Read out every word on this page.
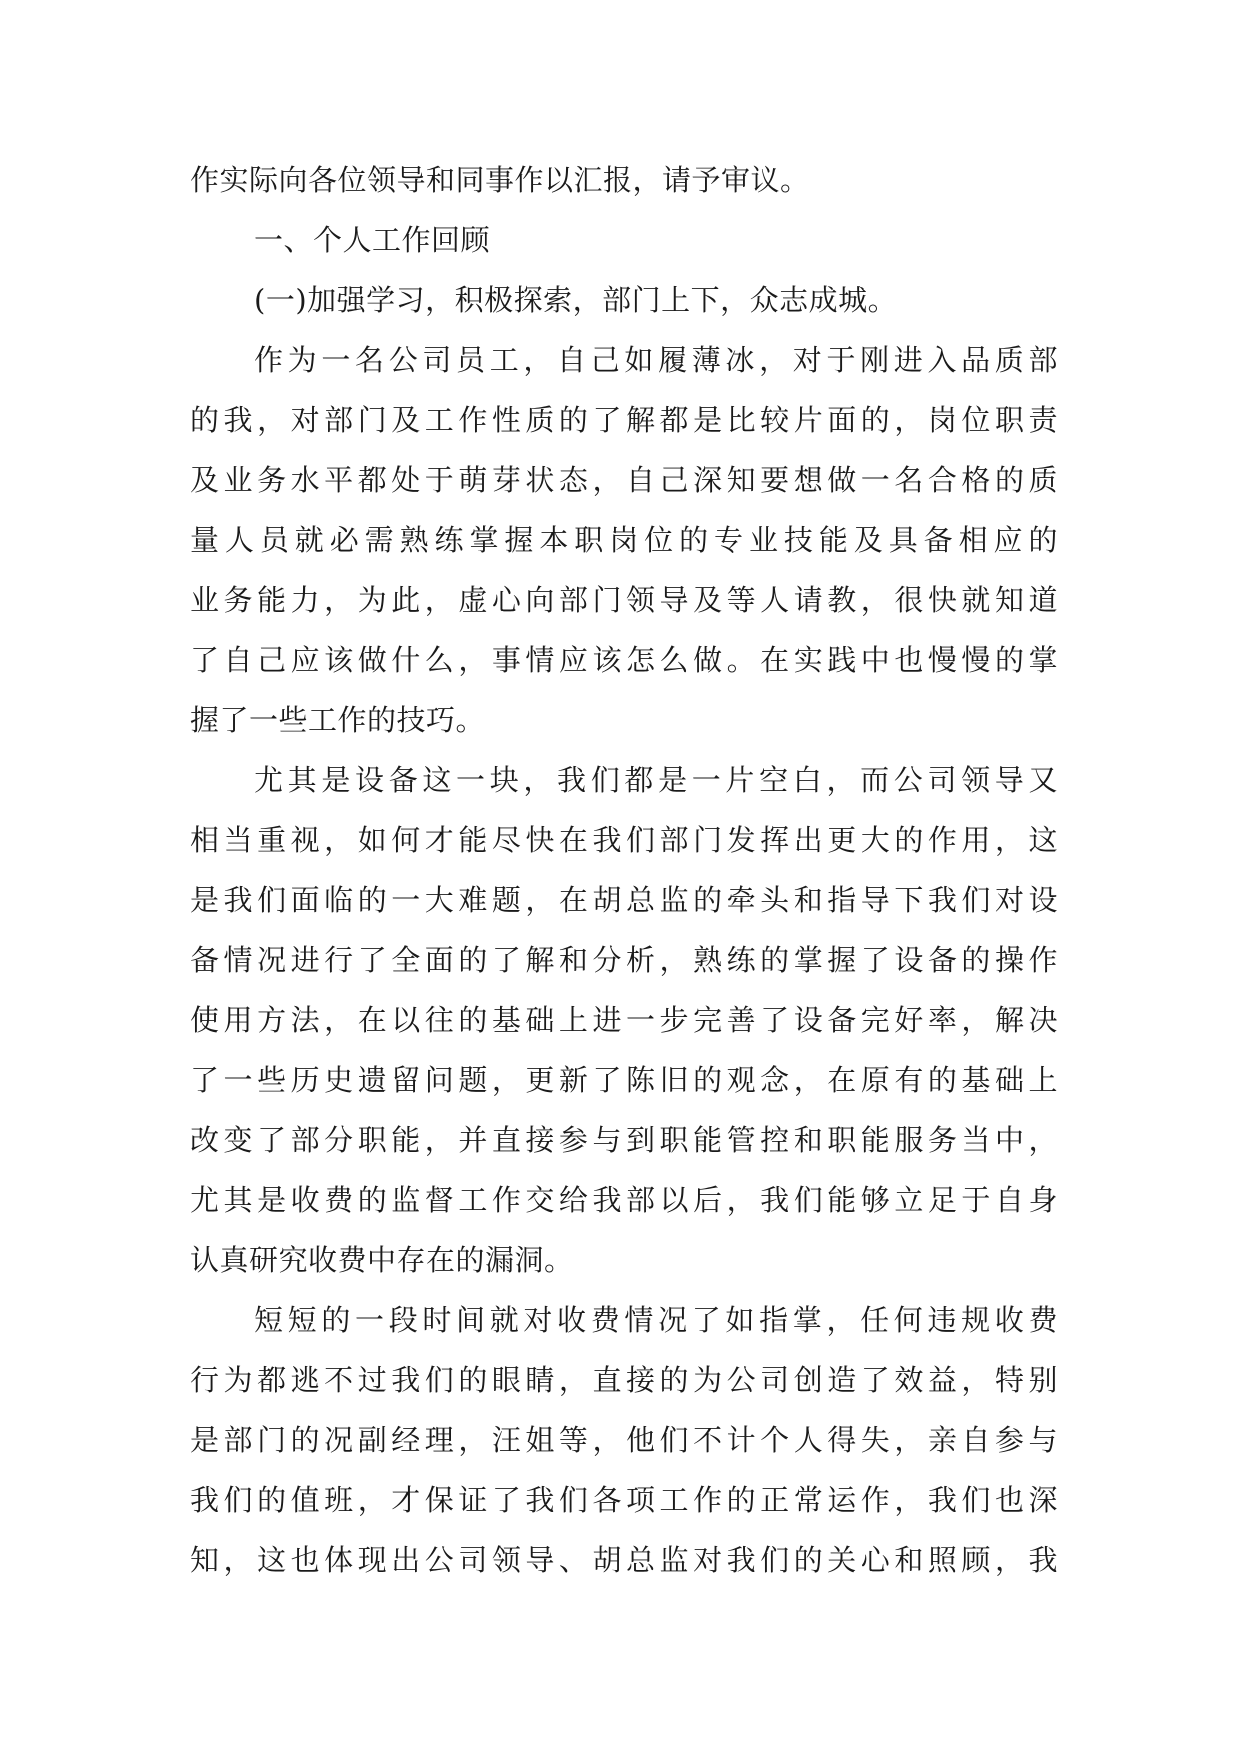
作实际向各位领导和同事作以汇报，请予审议。
一、个人工作回顾
(一)加强学习，积极探索，部门上下，众志成城。
作为一名公司员工，自己如履薄冰，对于刚进入品质部
的我，对部门及工作性质的了解都是比较片面的，岗位职责
及业务水平都处于萌芽状态，自己深知要想做一名合格的质
量人员就必需熟练掌握本职岗位的专业技能及具备相应的
业务能力，为此，虚心向部门领导及等人请教，很快就知道
了自己应该做什么，事情应该怎么做。在实践中也慢慢的掌
握了一些工作的技巧。
尤其是设备这一块，我们都是一片空白，而公司领导又
相当重视，如何才能尽快在我们部门发挥出更大的作用，这
是我们面临的一大难题，在胡总监的牵头和指导下我们对设
备情况进行了全面的了解和分析，熟练的掌握了设备的操作
使用方法，在以往的基础上进一步完善了设备完好率，解决
了一些历史遗留问题，更新了陈旧的观念，在原有的基础上
改变了部分职能，并直接参与到职能管控和职能服务当中，
尤其是收费的监督工作交给我部以后，我们能够立足于自身
认真研究收费中存在的漏洞。
短短的一段时间就对收费情况了如指掌，任何违规收费
行为都逃不过我们的眼睛，直接的为公司创造了效益，特别
是部门的况副经理，汪姐等，他们不计个人得失，亲自参与
我们的值班，才保证了我们各项工作的正常运作，我们也深
知，这也体现出公司领导、胡总监对我们的关心和照顾，我
